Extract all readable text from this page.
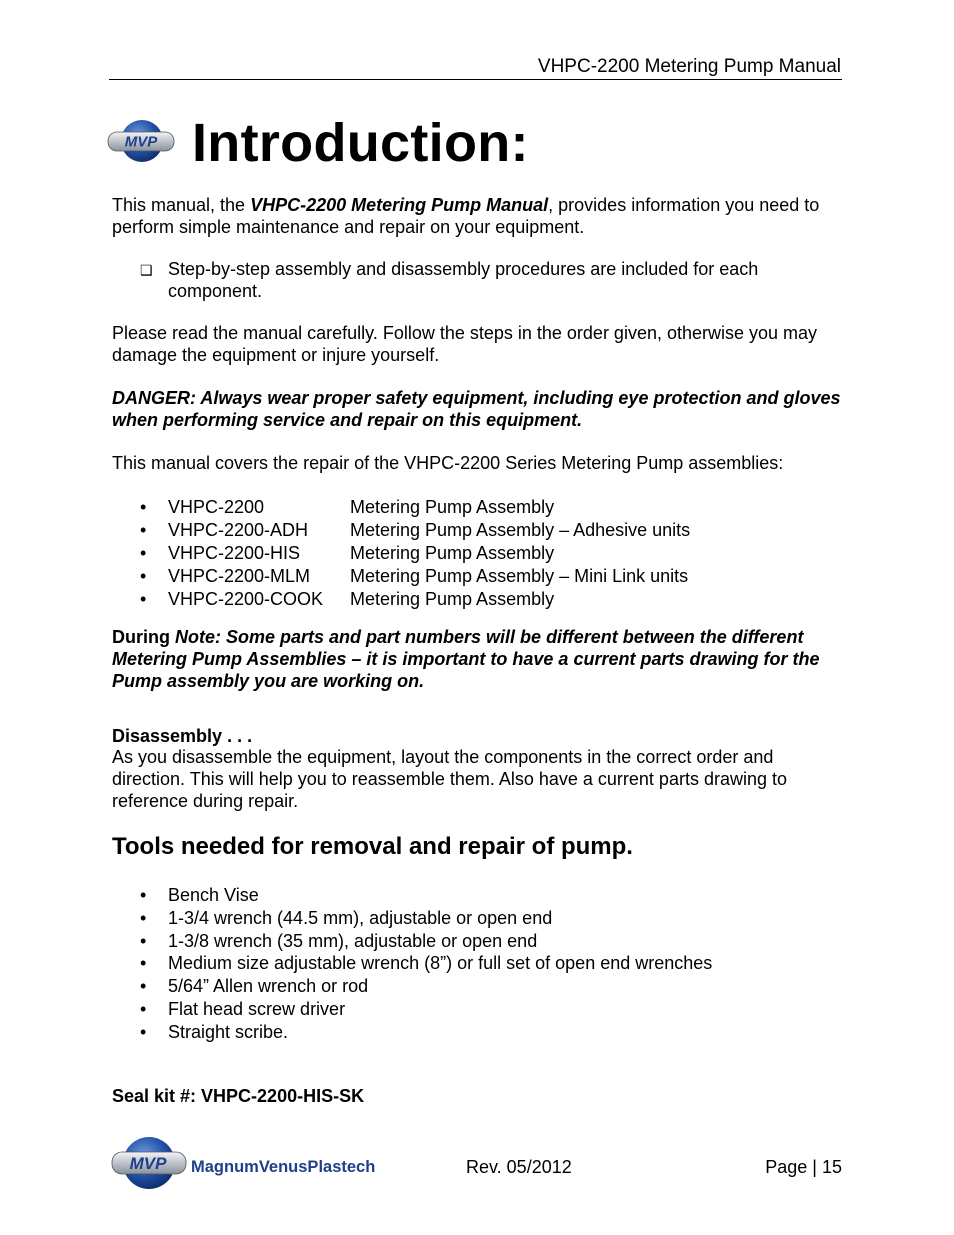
VHPC-2200 Metering Pump Manual
MVP Introduction:
This manual, the VHPC-2200 Metering Pump Manual, provides information you need to perform simple maintenance and repair on your equipment.
❑ Step-by-step assembly and disassembly procedures are included for each component.
Please read the manual carefully. Follow the steps in the order given, otherwise you may damage the equipment or injure yourself.
DANGER: Always wear proper safety equipment, including eye protection and gloves when performing service and repair on this equipment.
This manual covers the repair of the VHPC-2200 Series Metering Pump assemblies:
• VHPC-2200	Metering Pump Assembly
• VHPC-2200-ADH Metering Pump Assembly – Adhesive units
• VHPC-2200-HIS	Metering Pump Assembly
• VHPC-2200-MLM Metering Pump Assembly – Mini Link units
• VHPC-2200-COOK Metering Pump Assembly
During Note: Some parts and part numbers will be different between the different Metering Pump Assemblies – it is important to have a current parts drawing for the Pump assembly you are working on.
Disassembly . . .
As you disassemble the equipment, layout the components in the correct order and direction. This will help you to reassemble them. Also have a current parts drawing to reference during repair.
Tools needed for removal and repair of pump.
• Bench Vise
• 1-3/4 wrench (44.5 mm), adjustable or open end
• 1-3/8 wrench (35 mm), adjustable or open end
• Medium size adjustable wrench (8”) or full set of open end wrenches
• 5/64” Allen wrench or rod
• Flat head screw driver
• Straight scribe.
Seal kit #: VHPC-2200-HIS-SK
MVP MagnumVenusPlastech	Rev. 05/2012	Page | 15
